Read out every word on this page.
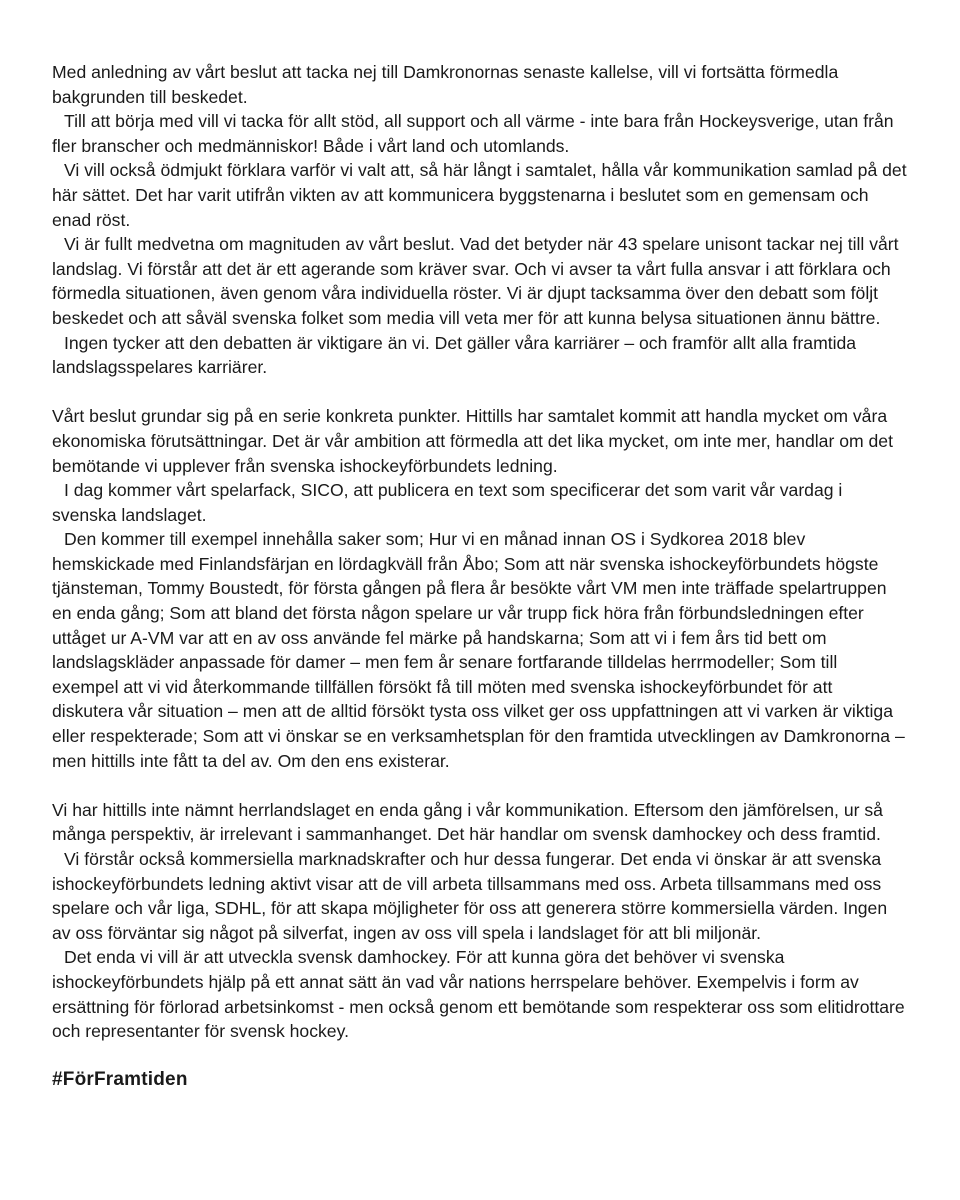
Med anledning av vårt beslut att tacka nej till Damkronornas senaste kallelse, vill vi fortsätta förmedla bakgrunden till beskedet.

Till att börja med vill vi tacka för allt stöd, all support och all värme - inte bara från Hockeysverige, utan från fler branscher och medmänniskor! Både i vårt land och utomlands.

Vi vill också ödmjukt förklara varför vi valt att, så här långt i samtalet, hålla vår kommunikation samlad på det här sättet. Det har varit utifrån vikten av att kommunicera byggstenarna i beslutet som en gemensam och enad röst.

Vi är fullt medvetna om magnituden av vårt beslut. Vad det betyder när 43 spelare unisont tackar nej till vårt landslag. Vi förstår att det är ett agerande som kräver svar. Och vi avser ta vårt fulla ansvar i att förklara och förmedla situationen, även genom våra individuella röster. Vi är djupt tacksamma över den debatt som följt beskedet och att såväl svenska folket som media vill veta mer för att kunna belysa situationen ännu bättre.

Ingen tycker att den debatten är viktigare än vi. Det gäller våra karriärer – och framför allt alla framtida landslagsspelares karriärer.

Vårt beslut grundar sig på en serie konkreta punkter. Hittills har samtalet kommit att handla mycket om våra ekonomiska förutsättningar. Det är vår ambition att förmedla att det lika mycket, om inte mer, handlar om det bemötande vi upplever från svenska ishockeyförbundets ledning.

I dag kommer vårt spelarfack, SICO, att publicera en text som specificerar det som varit vår vardag i svenska landslaget.

Den kommer till exempel innehålla saker som; Hur vi en månad innan OS i Sydkorea 2018 blev hemskickade med Finlandsfärjan en lördagkväll från Åbo; Som att när svenska ishockeyförbundets högste tjänsteman, Tommy Boustedt, för första gången på flera år besökte vårt VM men inte träffade spelartruppen en enda gång; Som att bland det första någon spelare ur vår trupp fick höra från förbundsledningen efter uttåget ur A-VM var att en av oss använde fel märke på handskarna; Som att vi i fem års tid bett om landslagskläder anpassade för damer – men fem år senare fortfarande tilldelas herrmodeller; Som till exempel att vi vid återkommande tillfällen försökt få till möten med svenska ishockeyförbundet för att diskutera vår situation – men att de alltid försökt tysta oss vilket ger oss uppfattningen att vi varken är viktiga eller respekterade; Som att vi önskar se en verksamhetsplan för den framtida utvecklingen av Damkronorna – men hittills inte fått ta del av. Om den ens existerar.

Vi har hittills inte nämnt herrlandslaget en enda gång i vår kommunikation. Eftersom den jämförelsen, ur så många perspektiv, är irrelevant i sammanhanget. Det här handlar om svensk damhockey och dess framtid.

Vi förstår också kommersiella marknadskrafter och hur dessa fungerar. Det enda vi önskar är att svenska ishockeyförbundets ledning aktivt visar att de vill arbeta tillsammans med oss. Arbeta tillsammans med oss spelare och vår liga, SDHL, för att skapa möjligheter för oss att generera större kommersiella värden. Ingen av oss förväntar sig något på silverfat, ingen av oss vill spela i landslaget för att bli miljonär.

Det enda vi vill är att utveckla svensk damhockey. För att kunna göra det behöver vi svenska ishockeyförbundets hjälp på ett annat sätt än vad vår nations herrspelare behöver. Exempelvis i form av ersättning för förlorad arbetsinkomst - men också genom ett bemötande som respekterar oss som elitidrottare och representanter för svensk hockey.

#FörFramtiden
